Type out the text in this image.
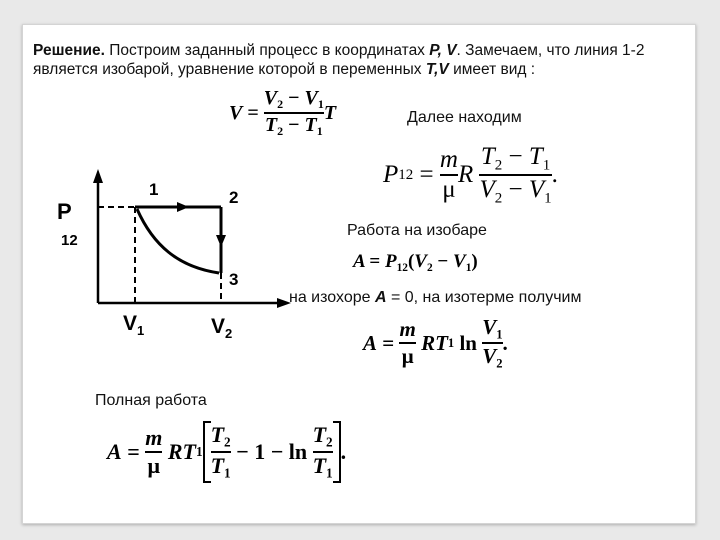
Решение. Построим заданный процесс в координатах P, V. Замечаем, что линия 1-2 является изобарой, уравнение которой в переменных T,V имеет вид :
V
=
$\frac{V_2 - V_1}{T_2 - T_1}$ T	Далее находим
P 12
=
$\frac{m}{\mu}$ R
$\frac{T_2 - T_1}{V_2 - V_1}$ .
Работа на изобаре
$A = P_{12}(V_2 - V_1)$
на изохоре A = 0, на изотерме получим
A
=
$\frac{m}{\mu}$
R T 1
ln
$\frac{V_1}{V_2}$ .
Полная работа
A
=
$\frac{m}{\mu}$
R T $1 \frac{T_2}{T_1}$
−
1
−
ln
$\frac{T_2}{T_1}$ .
P
12
1	2
3
$V_1$	$V_2$
